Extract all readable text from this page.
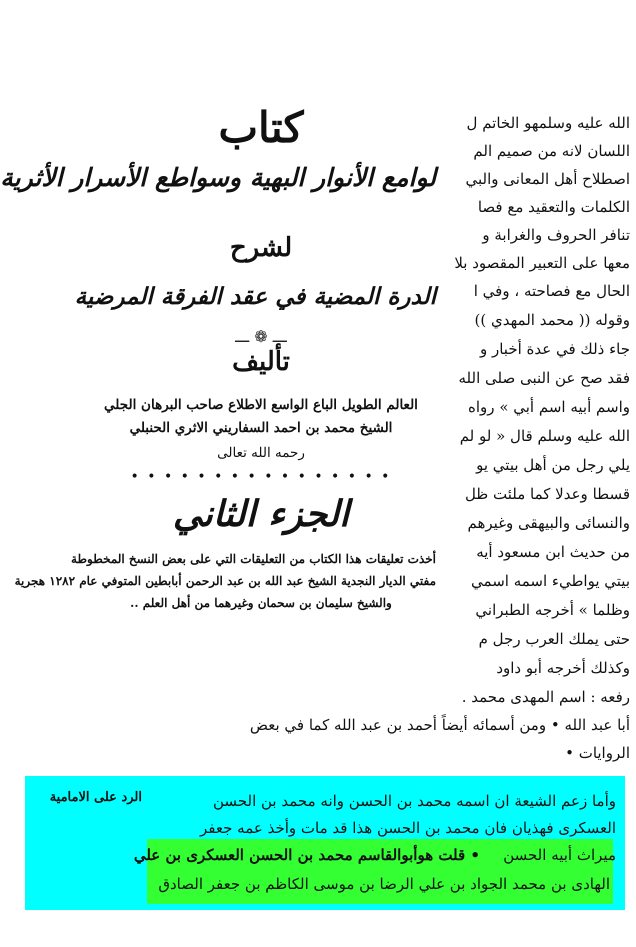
الله عليه وسلمهو الخاتم ل
اللسان لانه من صميم الم
اصطلاح أهل المعانى والبي
الكلمات والتعقيد مع فصا
تنافر الحروف والغرابة و
معها على التعبير المقصود بلا
الحال مع فصاحته ، وفي ا
وقوله (( محمد المهدي ))
جاء ذلك في عدة أخبار و
فقد صح عن النبى صلى الله
واسم أبيه اسم أبي » رواه
الله عليه وسلم قال « لو لم
يلي رجل من أهل بيتي يو
قسطا وعدلا كما ملئت ظل
والنسائى والبيهقى وغيرهم
من حديث ابن مسعود أيه
بيتي يواطيء اسمه اسمي
وظلما » أخرجه الطبراني
حتى يملك العرب رجل م
وكذلك أخرجه أبو داود
رفعه : اسم المهدى محمد .
كتاب
لوامع الأنوار البهية وسواطع الأسرار الأثرية
لشرح
الدرة المضية في عقد الفرقة المرضية
ـــ ❁ ـــ
تأليف
العالم الطويل الباع الواسع الاطلاع صاحب البرهان الجلي
الشيخ محمد بن احمد السفاريني الاثري الحنبلي
رحمه الله تعالى
• • • • • • • • • • • • • • • •
الجزء الثاني
أخذت تعليقات هذا الكتاب من التعليقات التي على بعض النسخ المخطوطة
مفتي الديار النجدية الشيخ عبد الله بن عبد الرحمن أبابطين المتوفي عام ١٢٨٢ هجرية
والشيخ سليمان بن سحمان وغيرهما من أهل العلم ..
أبا عبد الله • ومن أسمائه أيضاً أحمد بن عبد الله كما في بعض
الروايات •
الرد على الامامية	وأما زعم الشيعة ان اسمه محمد بن الحسن وانه محمد بن الحسن
العسكرى فهذيان فان محمد بن الحسن هذا قد مات وأخذ عمه جعفر
ميراث أبيه الحسن
• قلت هوأبوالقاسم محمد بن الحسن العسكرى بن علي
الهادى بن محمد الجواد بن علي الرضا بن موسى الكاظم بن جعفر الصادق
